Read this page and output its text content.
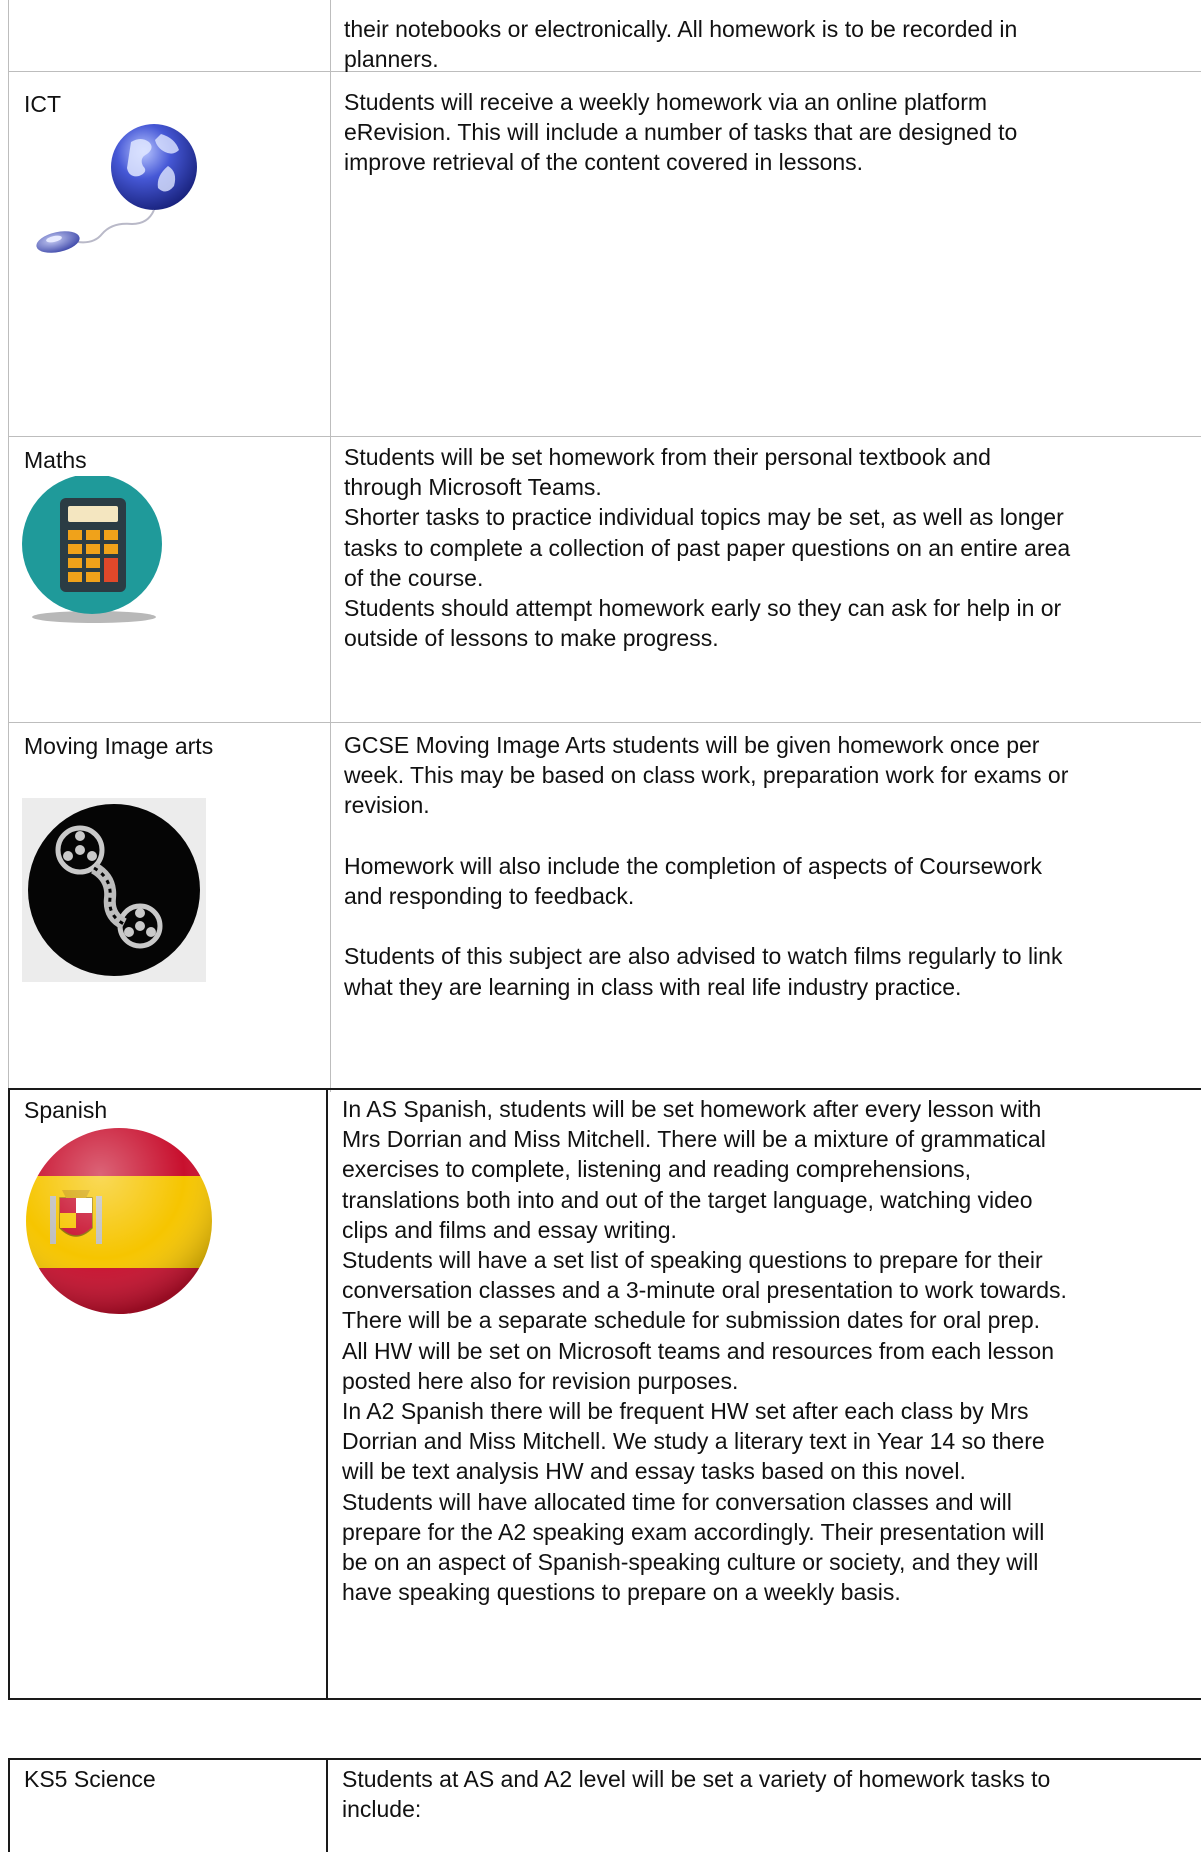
their notebooks or electronically. All homework is to be recorded in
planners.
ICT	Students will receive a weekly homework via an online platform
eRevision. This will include a number of tasks that are designed to
improve retrieval of the content covered in lessons.
Maths	Students will be set homework from their personal textbook and
through Microsoft Teams.
Shorter tasks to practice individual topics may be set, as well as longer
tasks to complete a collection of past paper questions on an entire area
of the course.
Students should attempt homework early so they can ask for help in or
outside of lessons to make progress.
Moving Image arts	GCSE Moving Image Arts students will be given homework once per
week. This may be based on class work, preparation work for exams or
revision.

Homework will also include the completion of aspects of Coursework
and responding to feedback.

Students of this subject are also advised to watch films regularly to link
what they are learning in class with real life industry practice.
Spanish	In AS Spanish, students will be set homework after every lesson with
Mrs Dorrian and Miss Mitchell. There will be a mixture of grammatical
exercises to complete, listening and reading comprehensions,
translations both into and out of the target language, watching video
clips and films and essay writing.
Students will have a set list of speaking questions to prepare for their
conversation classes and a 3-minute oral presentation to work towards.
There will be a separate schedule for submission dates for oral prep.
All HW will be set on Microsoft teams and resources from each lesson
posted here also for revision purposes.
In A2 Spanish there will be frequent HW set after each class by Mrs
Dorrian and Miss Mitchell. We study a literary text in Year 14 so there
will be text analysis HW and essay tasks based on this novel.
Students will have allocated time for conversation classes and will
prepare for the A2 speaking exam accordingly. Their presentation will
be on an aspect of Spanish-speaking culture or society, and they will
have speaking questions to prepare on a weekly basis.
KS5 Science	Students at AS and A2 level will be set a variety of homework tasks to
include:
